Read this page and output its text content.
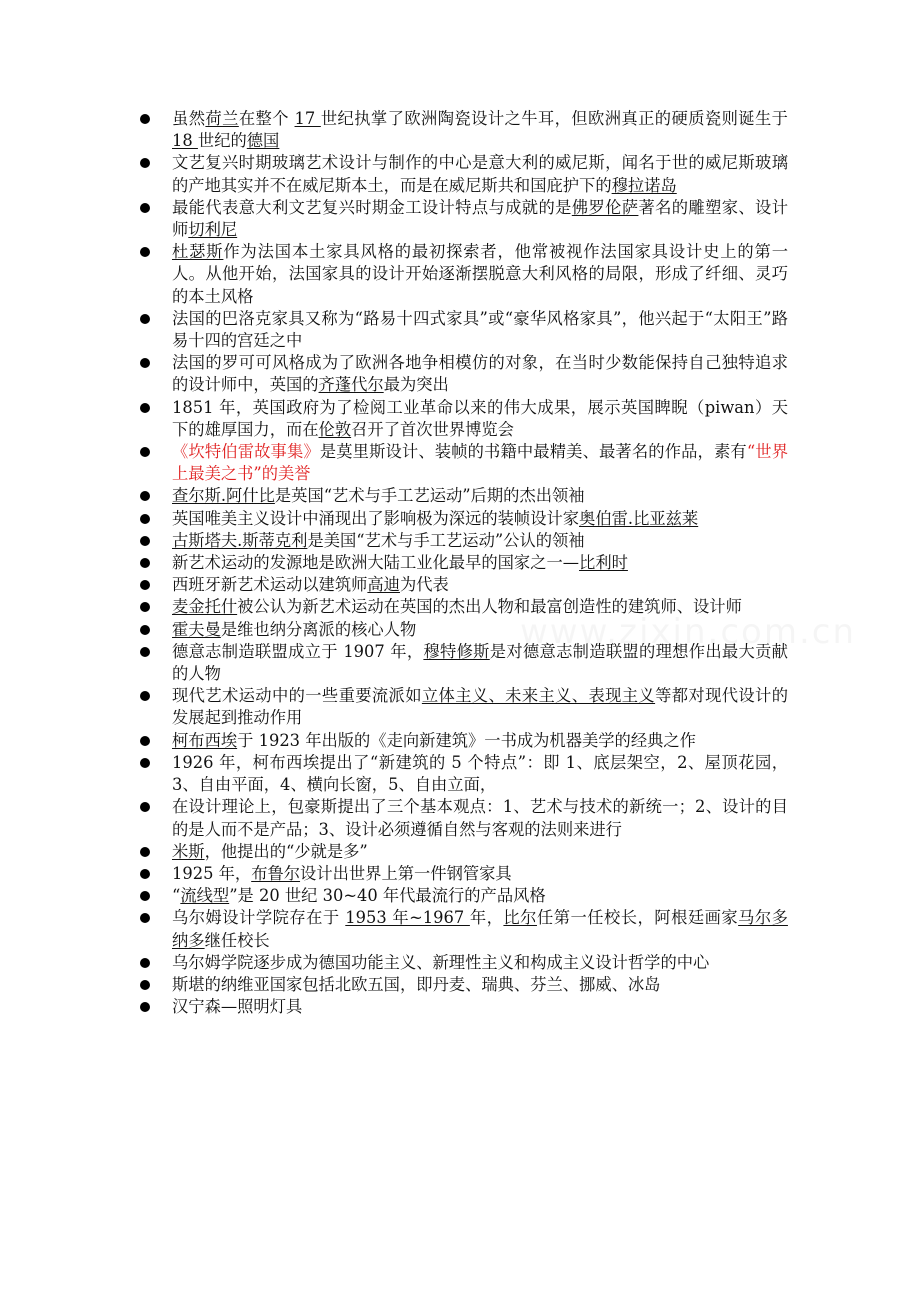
虽然荷兰在整个 17 世纪执掌了欧洲陶瓷设计之牛耳，但欧洲真正的硬质瓷则诞生于 18 世纪的德国
文艺复兴时期玻璃艺术设计与制作的中心是意大利的威尼斯，闻名于世的威尼斯玻璃的产地其实并不在威尼斯本土，而是在威尼斯共和国庇护下的穆拉诺岛
最能代表意大利文艺复兴时期金工设计特点与成就的是佛罗伦萨著名的雕塑家、设计师切利尼
杜瑟斯作为法国本土家具风格的最初探索者，他常被视作法国家具设计史上的第一人。从他开始，法国家具的设计开始逐渐摆脱意大利风格的局限，形成了纤细、灵巧的本土风格
法国的巴洛克家具又称为“路易十四式家具”或“豪华风格家具”，他兴起于“太阳王”路易十四的宫廷之中
法国的罗可可风格成为了欧洲各地争相模仿的对象，在当时少数能保持自己独特追求的设计师中，英国的齐蓬代尔最为突出
1851 年，英国政府为了检阅工业革命以来的伟大成果，展示英国睥睨（piwan）天下的雄厚国力，而在伦敦召开了首次世界博览会
《坎特伯雷故事集》是莫里斯设计、装帧的书籍中最精美、最著名的作品，素有“世界上最美之书”的美誉
查尔斯.阿什比是英国“艺术与手工艺运动”后期的杰出领袖
英国唯美主义设计中涌现出了影响极为深远的装帧设计家奥伯雷.比亚兹莱
古斯塔夫.斯蒂克利是美国“艺术与手工艺运动”公认的领袖
新艺术运动的发源地是欧洲大陆工业化最早的国家之一—比利时
西班牙新艺术运动以建筑师高迪为代表
麦金托什被公认为新艺术运动在英国的杰出人物和最富创造性的建筑师、设计师
霍夫曼是维也纳分离派的核心人物
德意志制造联盟成立于 1907 年，穆特修斯是对德意志制造联盟的理想作出最大贡献的人物
现代艺术运动中的一些重要流派如立体主义、未来主义、表现主义等都对现代设计的发展起到推动作用
柯布西埃于 1923 年出版的《走向新建筑》一书成为机器美学的经典之作
1926 年，柯布西埃提出了“新建筑的 5 个特点”：即 1、底层架空，2、屋顶花园，3、自由平面，4、横向长窗，5、自由立面，
在设计理论上，包豪斯提出了三个基本观点：1、艺术与技术的新统一；2、设计的目的是人而不是产品；3、设计必须遵循自然与客观的法则来进行
米斯，他提出的“少就是多”
1925 年，布鲁尔设计出世界上第一件钢管家具
“流线型”是 20 世纪 30~40 年代最流行的产品风格
乌尔姆设计学院存在于 1953 年~1967 年，比尔任第一任校长，阿根廷画家马尔多纳多继任校长
乌尔姆学院逐步成为德国功能主义、新理性主义和构成主义设计哲学的中心
斯堪的纳维亚国家包括北欧五国，即丹麦、瑞典、芬兰、挪威、冰岛
汉宁森—照明灯具
